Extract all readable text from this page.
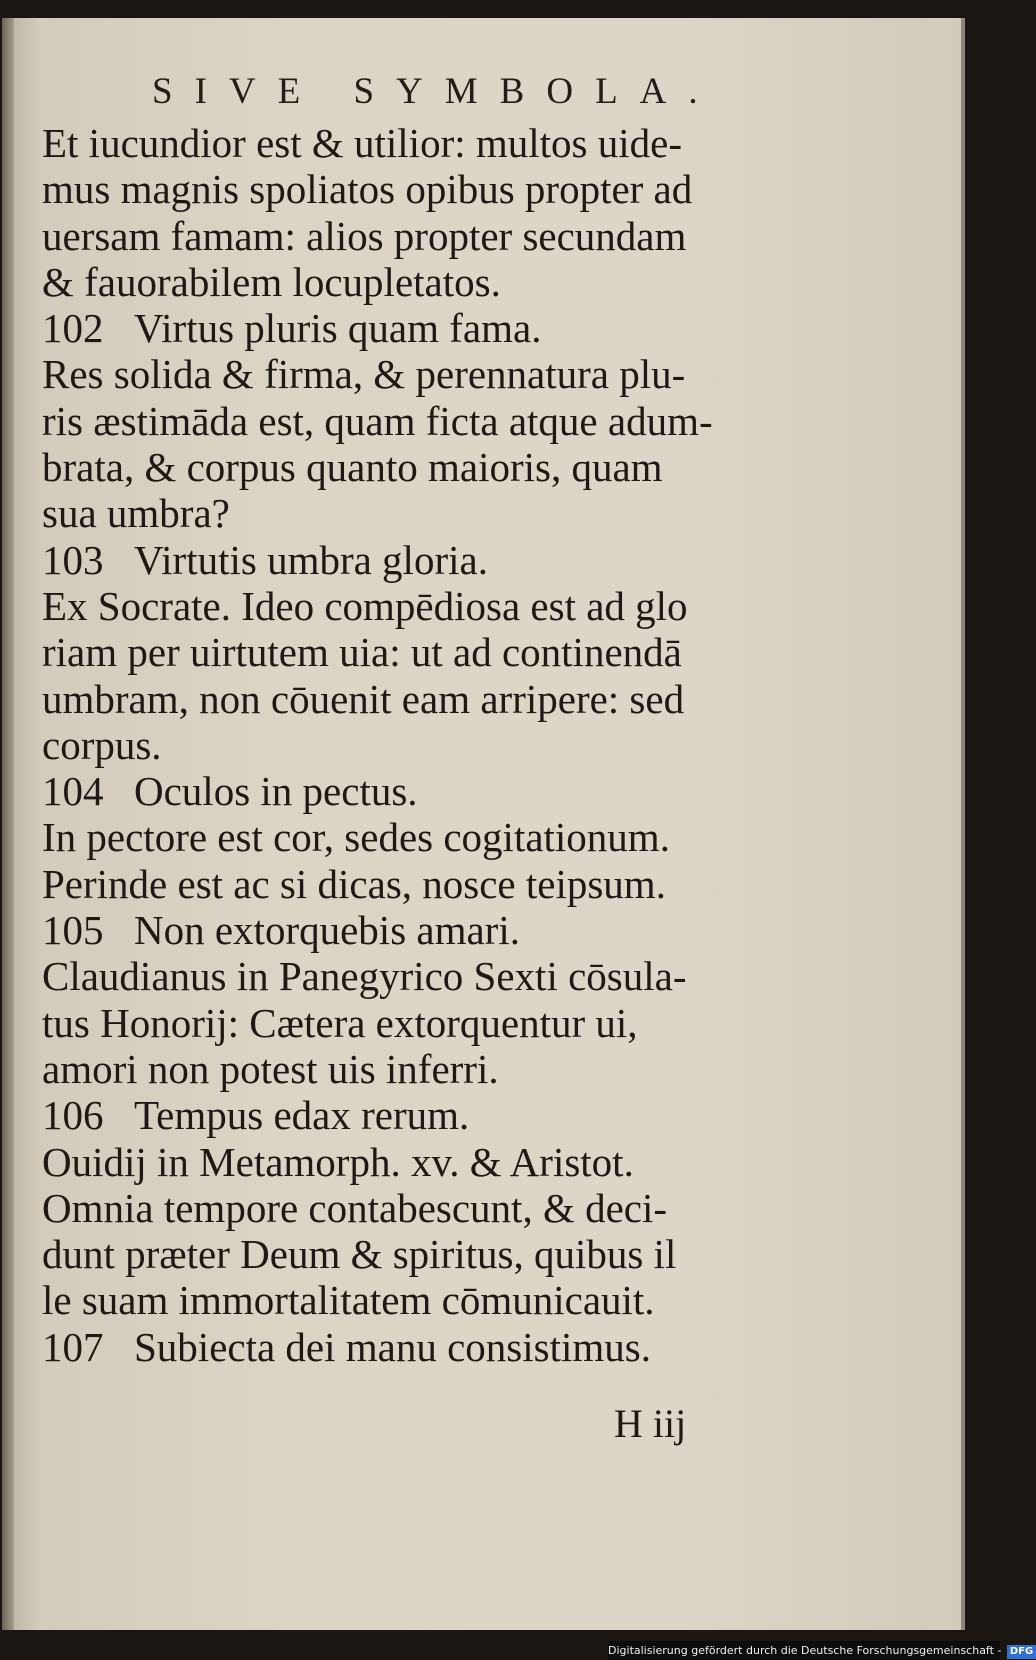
SIVE SYMBOLA.
Et iucundior est & utilior: multos uide-
mus magnis spoliatos opibus propter ad
uersam famam: alios propter secundam
& fauorabilem locupletatos.
102 Virtus pluris quam fama.
Res solida & firma, & perennatura plu-
ris æstimāda est, quam ficta atque adum-
brata, & corpus quanto maioris, quam
sua umbra?
103 Virtutis umbra gloria.
Ex Socrate. Ideo compēdiosa est ad glo
riam per uirtutem uia: ut ad continendā
umbram, non cōuenit eam arripere: sed
corpus.
104 Oculos in pectus.
In pectore est cor, sedes cogitationum.
Perinde est ac si dicas, nosce teipsum.
105 Non extorquebis amari.
Claudianus in Panegyrico Sexti cōsula-
tus Honorij: Cætera extorquentur ui,
amori non potest uis inferri.
106 Tempus edax rerum.
Ouidij in Metamorph. xv. & Aristot.
Omnia tempore contabescunt, & deci-
dunt præter Deum & spiritus, quibus il
le suam immortalitatem cōmunicauit.
107 Subiecta dei manu consistimus.
H iij
Digitalisierung gefördert durch die Deutsche Forschungsgemeinschaft - DFG
